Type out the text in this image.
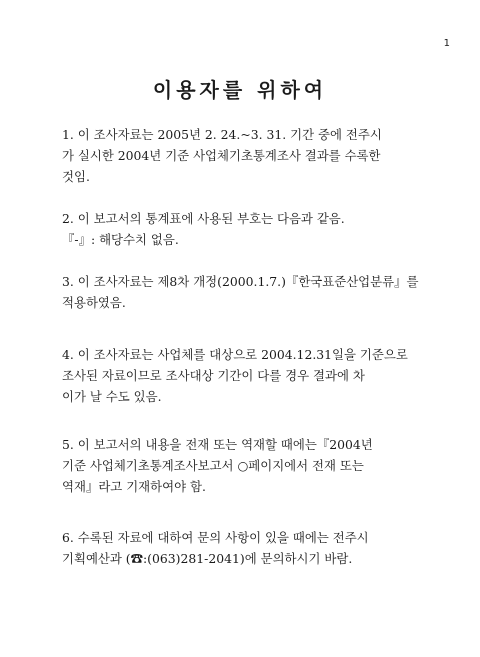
1
이용자를 위하여
1. 이 조사자료는 2005년 2. 24.~3. 31. 기간 중에 전주시
가 실시한 2004년 기준 사업체기초통계조사 결과를 수록한
것임.
2. 이 보고서의 통계표에 사용된 부호는 다음과 같음.
『-』: 해당수치 없음.
3. 이 조사자료는 제8차 개정(2000.1.7.)『한국표준산업분류』를
적용하였음.
4. 이 조사자료는 사업체를 대상으로 2004.12.31일을 기준으로
조사된 자료이므로 조사대상 기간이 다를 경우 결과에 차
이가 날 수도 있음.
5. 이 보고서의 내용을 전재 또는 역재할 때에는『2004년
기준 사업체기초통계조사보고서 ○페이지에서 전재 또는
역재』라고 기재하여야 함.
6. 수록된 자료에 대하여 문의 사항이 있을 때에는 전주시
기획예산과 (☎:(063)281-2041)에 문의하시기 바람.
